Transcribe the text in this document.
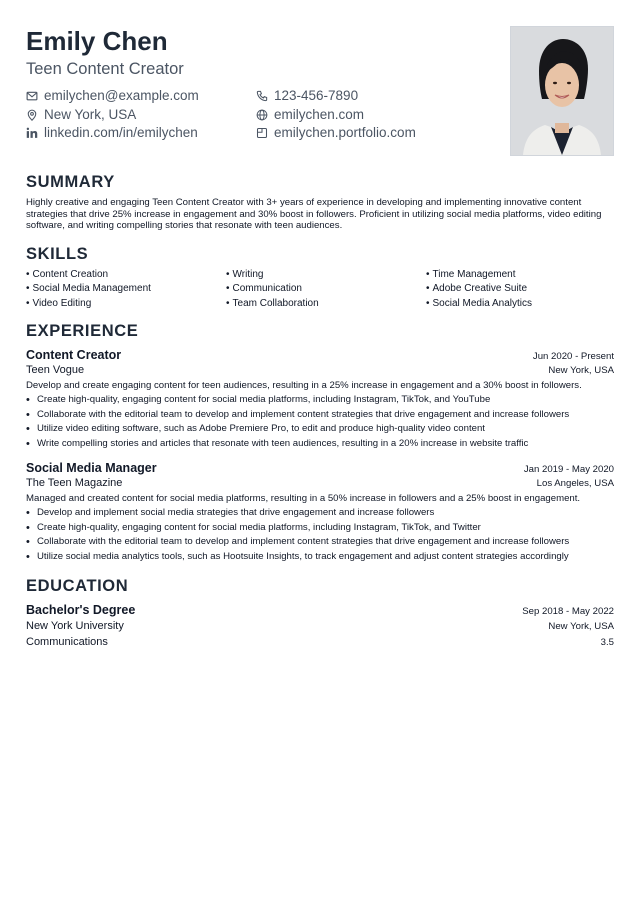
Emily Chen
Teen Content Creator
emilychen@example.com	123-456-7890
New York, USA	emilychen.com
linkedin.com/in/emilychen	emilychen.portfolio.com
SUMMARY
Highly creative and engaging Teen Content Creator with 3+ years of experience in developing and implementing innovative content strategies that drive 25% increase in engagement and 30% boost in followers. Proficient in utilizing social media platforms, video editing software, and writing compelling stories that resonate with teen audiences.
SKILLS
• Content Creation	• Writing	• Time Management
• Social Media Management	• Communication	• Adobe Creative Suite
• Video Editing	• Team Collaboration	• Social Media Analytics
EXPERIENCE
Content Creator	Jun 2020 - Present
Teen Vogue	New York, USA
Develop and create engaging content for teen audiences, resulting in a 25% increase in engagement and a 30% boost in followers.
• Create high-quality, engaging content for social media platforms, including Instagram, TikTok, and YouTube
• Collaborate with the editorial team to develop and implement content strategies that drive engagement and increase followers
• Utilize video editing software, such as Adobe Premiere Pro, to edit and produce high-quality video content
• Write compelling stories and articles that resonate with teen audiences, resulting in a 20% increase in website traffic
Social Media Manager	Jan 2019 - May 2020
The Teen Magazine	Los Angeles, USA
Managed and created content for social media platforms, resulting in a 50% increase in followers and a 25% boost in engagement.
• Develop and implement social media strategies that drive engagement and increase followers
• Create high-quality, engaging content for social media platforms, including Instagram, TikTok, and Twitter
• Collaborate with the editorial team to develop and implement content strategies that drive engagement and increase followers
• Utilize social media analytics tools, such as Hootsuite Insights, to track engagement and adjust content strategies accordingly
EDUCATION
Bachelor's Degree	Sep 2018 - May 2022
New York University	New York, USA
Communications	3.5
